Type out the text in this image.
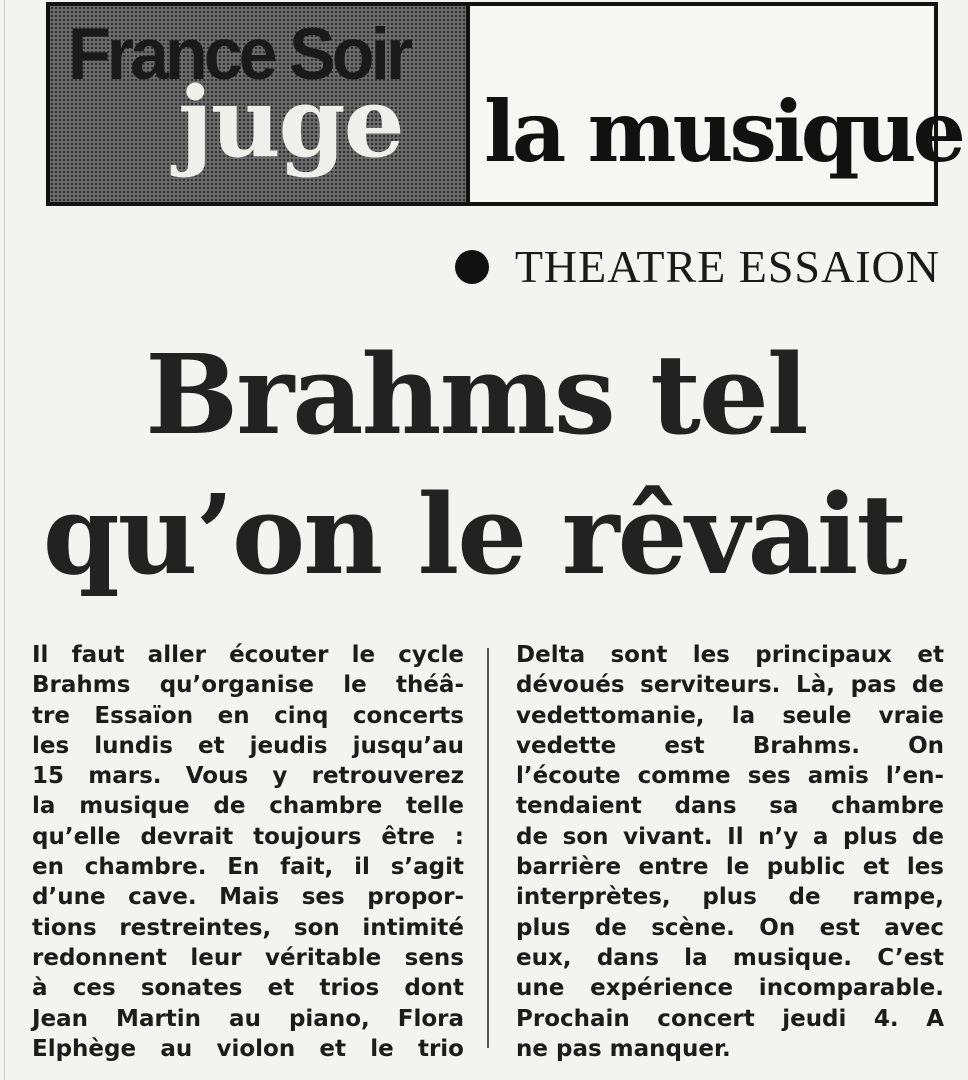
France Soir
juge la musique
THEATRE ESSAION
Brahms tel
qu’on le rêvait
Il faut aller écouter le cycle
Brahms qu’organise le théâ-
tre Essaïon en cinq concerts
les lundis et jeudis jusqu’au
15 mars. Vous y retrouverez
la musique de chambre telle
qu’elle devrait toujours être :
en chambre. En fait, il s’agit
d’une cave. Mais ses propor-
tions restreintes, son intimité
redonnent leur véritable sens
à ces sonates et trios dont
Jean Martin au piano, Flora
Elphège au violon et le trio
Delta sont les principaux et
dévoués serviteurs. Là, pas de
vedettomanie, la seule vraie
vedette est Brahms. On
l’écoute comme ses amis l’en-
tendaient dans sa chambre
de son vivant. Il n’y a plus de
barrière entre le public et les
interprètes, plus de rampe,
plus de scène. On est avec
eux, dans la musique. C’est
une expérience incomparable.
Prochain concert jeudi 4. A
ne pas manquer.
